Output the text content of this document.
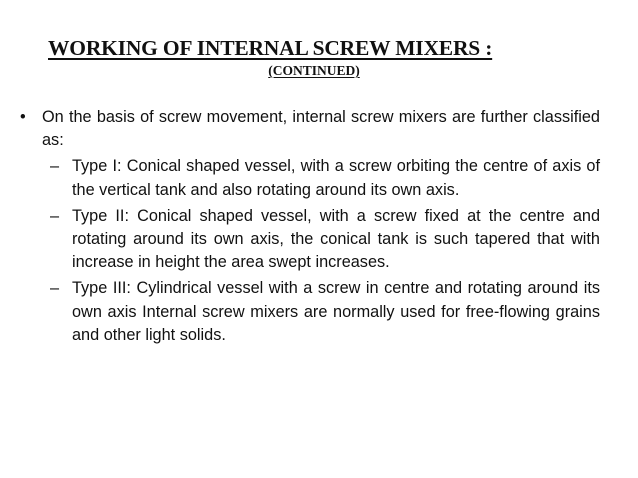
WORKING OF INTERNAL SCREW MIXERS :
(CONTINUED)
• On the basis of screw movement, internal screw mixers are further classified as:
– Type I: Conical shaped vessel, with a screw orbiting the centre of axis of the vertical tank and also rotating around its own axis.
– Type II: Conical shaped vessel, with a screw fixed at the centre and rotating around its own axis, the conical tank is such tapered that with increase in height the area swept increases.
– Type III: Cylindrical vessel with a screw in centre and rotating around its own axis Internal screw mixers are normally used for free-flowing grains and other light solids.
